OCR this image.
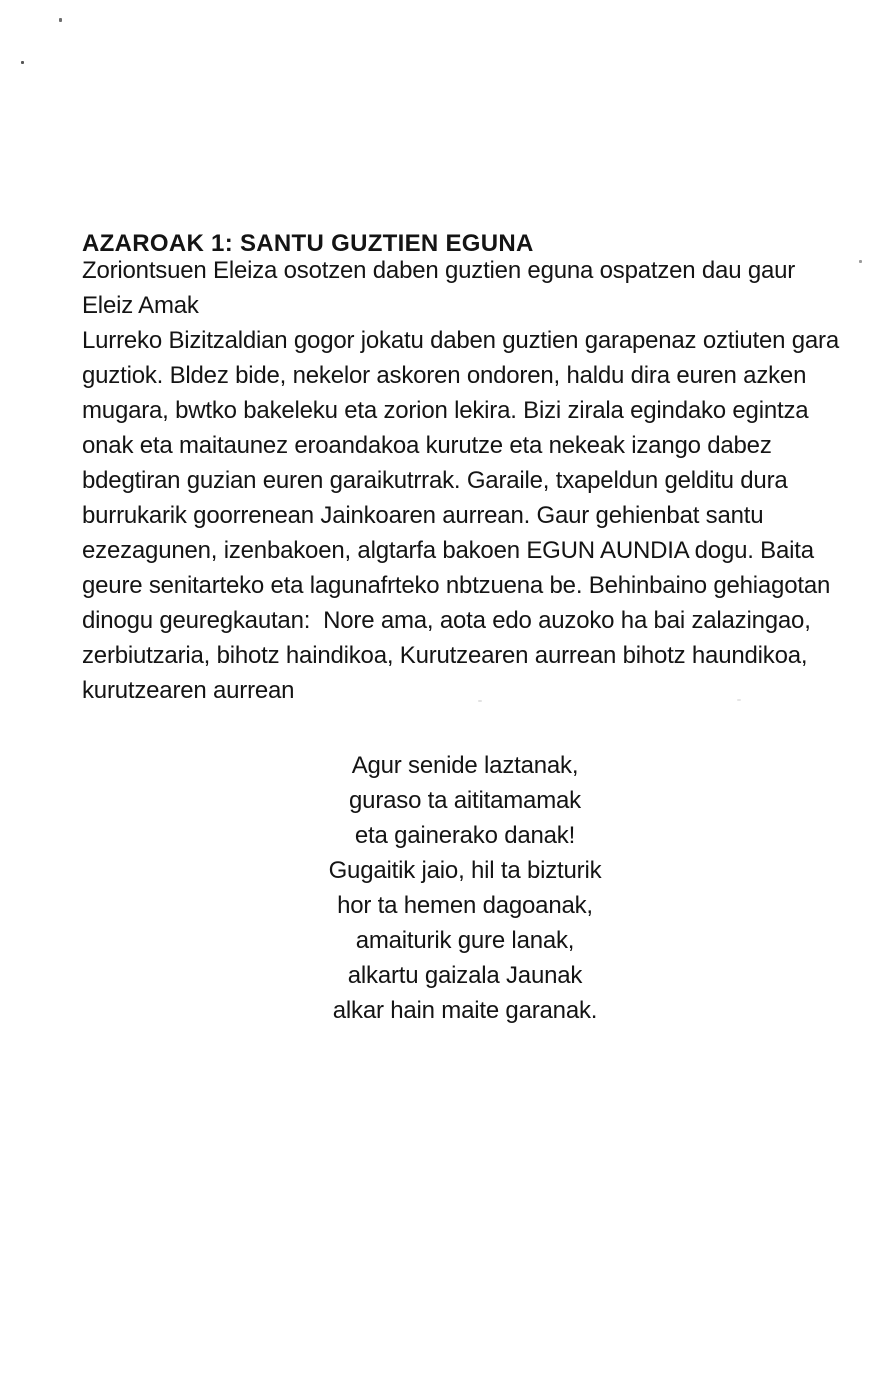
AZAROAK 1: SANTU GUZTIEN EGUNA
Zoriontsuen Eleiza osotzen daben guztien eguna ospatzen dau gaur
Eleiz Amak
Lurreko Bizitzaldian gogor jokatu daben guztien garapenaz oztiuten gara
guztiok. Bldez bide, nekelor askoren ondoren, haldu dira euren azken
mugara, bwtko bakeleku eta zorion lekira. Bizi zirala egindako egintza
onak eta maitaunez eroandakoa kurutze eta nekeak izango dabez
bdegtiran guzian euren garaikutrrak. Garaile, txapeldun gelditu dura
burrukarik goorrenean Jainkoaren aurrean. Gaur gehienbat santu
ezezagunen, izenbakoen, algtarfa bakoen EGUN AUNDIA dogu. Baita
geure senitarteko eta lagunafrteko nbtzuena be. Behinbaino gehiagotan
dinogu geuregkautan:  Nore ama, aota edo auzoko ha bai zalazingao,
zerbiutzaria, bihotz haindikoa, Kurutzearen aurrean bihotz haundikoa,
kurutzearen aurrean
Agur senide laztanak,
guraso ta aititamamak
eta gainerako danak!
Gugaitik jaio, hil ta bizturik
hor ta hemen dagoanak,
amaiturik gure lanak,
alkartu gaizala Jaunak
alkar hain maite garanak.
